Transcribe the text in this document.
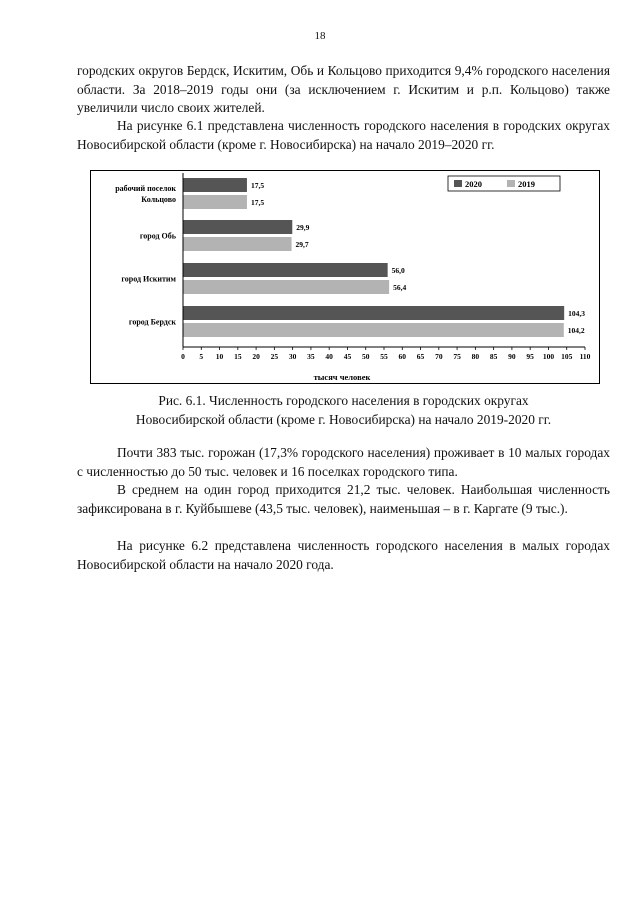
18

городских округов Бердск, Искитим, Обь и Кольцово приходится 9,4% городского населения области. За 2018–2019 годы они (за исключением г. Искитим и р.п. Кольцово) также увеличили число своих жителей.

На рисунке 6.1 представлена численность городского населения в городских округах Новосибирской области (кроме г. Новосибирска) на начало 2019–2020 гг.

17,5
17,5
29,9
29,7
56,0
56,4
104,3
104,2
рабочий поселок
Кольцово
город Обь
город Искитим
город Бердск
0 5 10 15 20 25 30 35 40 45 50 55 60 65 70 75 80 85 90 95 100 105 110
2020	2019
тысяч человек
Рис. 6.1. Численность городского населения в городских округах
Новосибирской области (кроме г. Новосибирска) на начало 2019-2020 гг.

Почти 383 тыс. горожан (17,3% городского населения) проживает в 10 малых городах с численностью до 50 тыс. человек и 16 поселках городского типа.

В среднем на один город приходится 21,2 тыс. человек. Наибольшая численность зафиксирована в г. Куйбышеве (43,5 тыс. человек), наименьшая – в г. Каргате (9 тыс.).

На рисунке 6.2 представлена численность городского населения в малых городах Новосибирской области на начало 2020 года.
